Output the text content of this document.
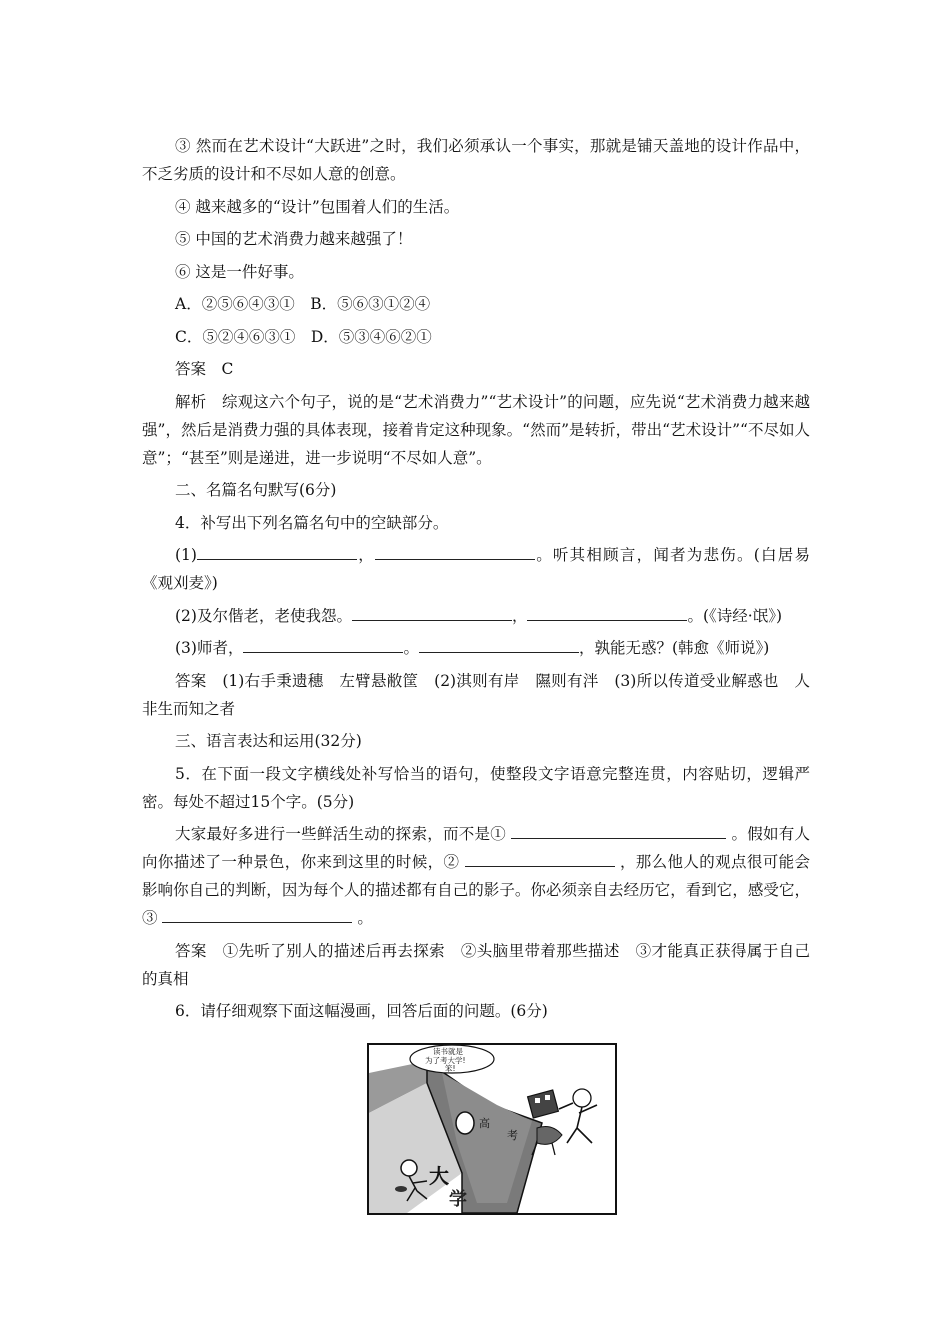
③ 然而在艺术设计“大跃进”之时，我们必须承认一个事实，那就是铺天盖地的设计作品中，不乏劣质的设计和不尽如人意的创意。

④ 越来越多的“设计”包围着人们的生活。

⑤ 中国的艺术消费力越来越强了！

⑥ 这是一件好事。

A．②⑤⑥④③①　B．⑤⑥③①②④

C．⑤②④⑥③①　D．⑤③④⑥②①

答案　C

解析　综观这六个句子，说的是“艺术消费力”“艺术设计”的问题，应先说“艺术消费力越来越强”，然后是消费力强的具体表现，接着肯定这种现象。“然而”是转折，带出“艺术设计”“不尽如人意”；“甚至”则是递进，进一步说明“不尽如人意”。

二、名篇名句默写(6分)

4．补写出下列名篇名句中的空缺部分。

(1)	，	。听其相顾言，闻者为悲伤。(白居易《观刈麦》)

(2)及尔偕老，老使我怨。	，	。(《诗经·氓》)

(3)师者，	。	，孰能无惑？(韩愈《师说》)

答案　(1)右手秉遗穗　左臂悬敝筐　(2)淇则有岸　隰则有泮　(3)所以传道受业解惑也　人非生而知之者

三、语言表达和运用(32分)

5．在下面一段文字横线处补写恰当的语句，使整段文字语意完整连贯，内容贴切，逻辑严密。每处不超过15个字。(5分)

大家最好多进行一些鲜活生动的探索，而不是①	。假如有人向你描述了一种景色，你来到这里的时候，②	，那么他人的观点很可能会影响你自己的判断，因为每个人的描述都有自己的影子。你必须亲自去经历它，看到它，感受它，③	。

答案　①先听了别人的描述后再去探索　②头脑里带着那些描述　③才能真正获得属于自己的真相

6．请仔细观察下面这幅漫画，回答后面的问题。(6分)

高
考
大
学
读书就是
为了考大学!
笨!
